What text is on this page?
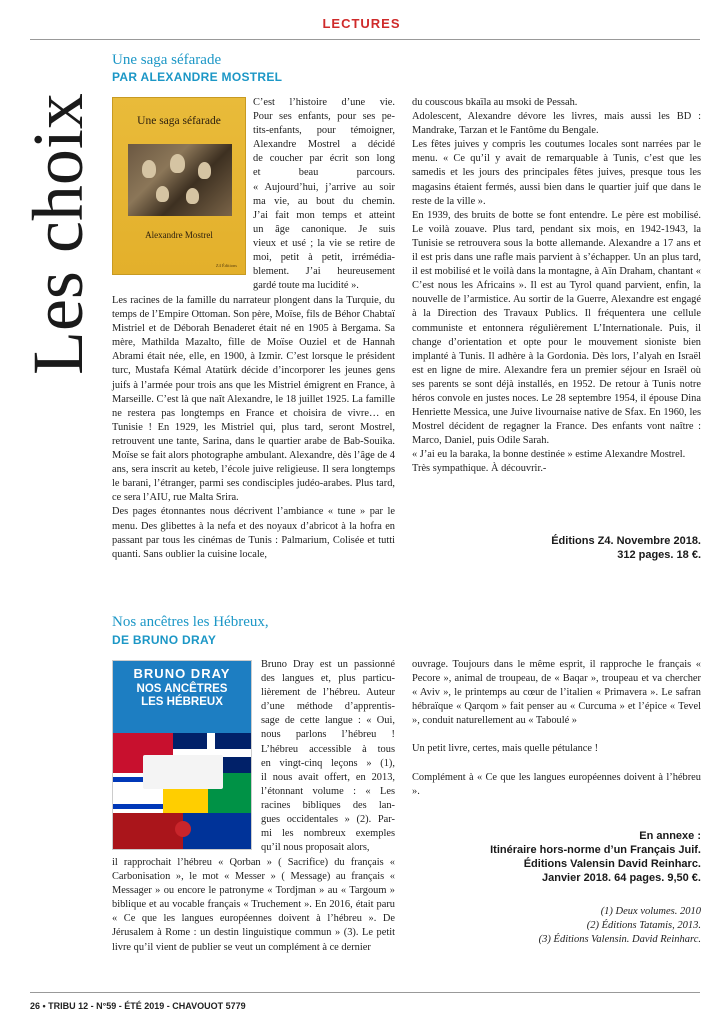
LECTURES
Les choix
Une saga séfarade
PAR ALEXANDRE MOSTREL
Une saga séfarade
Alexandre Mostrel
Z4 Éditions

C’est l’histoire d’une vie.

Pour ses enfants, pour ses pe-

tits-enfants, pour témoigner,

Alexandre Mostrel a décidé

de coucher par écrit son long

et beau parcours.

« Aujourd’hui, j’arrive au soir

ma vie, au bout du chemin.

J’ai fait mon temps et atteint

un âge canonique. Je suis

vieux et usé ; la vie se retire de

moi, petit à petit, irrémédia-

blement. J’ai heureusement

gardé toute ma lucidité ».

Les racines de la famille du narrateur plongent dans la Turquie, du temps de l’Empire Ottoman. Son père, Moïse, fils de Béhor Chabtaï Mistriel et de Déborah Benaderet était né en 1905 à Bergama. Sa mère, Mathilda Mazalto, fille de Moïse Ouziel et de Hannah Abrami était née, elle, en 1900, à Izmir. C’est lorsque le président turc, Mustafa Kémal Atatürk décide d’incorporer les jeunes gens juifs à l’armée pour trois ans que les Mistriel émigrent en France, à Marseille. C’est là que naît Alexandre, le 18 juillet 1925. La famille ne restera pas longtemps en France et choisira de vivre… en Tunisie ! En 1929, les Mistriel qui, plus tard, seront Mostrel, retrouvent une tante, Sarina, dans le quartier arabe de Bab-Souika. Moïse se fait alors photographe ambulant. Alexandre, dès l’âge de 4 ans, sera inscrit au keteb, l’école juive religieuse. Il sera longtemps le barani, l’étranger, parmi ses condisciples judéo-arabes. Plus tard, ce sera l’AIU, rue Malta Srira.

Des pages étonnantes nous décrivent l’ambiance « tune » par le menu. Des glibettes à la nefa et des noyaux d’abricot à la hofra en passant par tous les cinémas de Tunis : Palmarium, Colisée et tutti quanti. Sans oublier la cuisine locale,

du couscous bkaïla au msoki de Pessah.

Adolescent, Alexandre dévore les livres, mais aussi les BD : Mandrake, Tarzan et le Fantôme du Bengale.

Les fêtes juives y compris les coutumes locales sont narrées par le menu. « Ce qu’il y avait de remarquable à Tunis, c’est que les samedis et les jours des principales fêtes juives, presque tous les magasins étaient fermés, aussi bien dans le quartier juif que dans le reste de la ville ».

En 1939, des bruits de botte se font entendre. Le père est mobilisé. Le voilà zouave. Plus tard, pendant six mois, en 1942-1943, la Tunisie se retrouvera sous la botte allemande. Alexandre a 17 ans et il est pris dans une rafle mais parvient à s’échapper. Un an plus tard, il est mobilisé et le voilà dans la montagne, à Aïn Draham, chantant « C’est nous les Africains ». Il est au Tyrol quand parvient, enfin, la nouvelle de l’armistice. Au sortir de la Guerre, Alexandre est engagé à la Direction des Travaux Publics. Il fréquentera une cellule communiste et entonnera régulièrement L’Internationale. Puis, il change d’orientation et opte pour le mouvement sioniste bien implanté à Tunis. Il adhère à la Gordonia. Dès lors, l’alyah en Israël est en ligne de mire. Alexandre fera un premier séjour en Israël où ses parents se sont déjà installés, en 1952. De retour à Tunis notre héros convole en justes noces. Le 28 septembre 1954, il épouse Dina Henriette Messica, une Juive livournaise native de Sfax. En 1960, les Mostrel décident de regagner la France. Des enfants vont naître : Marco, Daniel, puis Odile Sarah.

« J’ai eu la baraka, la bonne destinée » estime Alexandre Mostrel.

Très sympathique. À découvrir.-

Éditions Z4. Novembre 2018.
312 pages. 18 €.
Nos ancêtres les Hébreux,
DE BRUNO DRAY
BRUNO DRAY
NOS ANCÊTRES
LES HÉBREUX

Bruno Dray est un passionné

des langues et, plus particu-

lièrement de l’hébreu. Auteur

d’une méthode d’apprentis-

sage de cette langue : « Oui,

nous parlons l’hébreu !

L’hébreu accessible à tous

en vingt-cinq leçons » (1),

il nous avait offert, en 2013,

l’étonnant volume : « Les

racines bibliques des lan-

gues occidentales » (2). Par-

mi les nombreux exemples

qu’il nous proposait alors,

il rapprochait l’hébreu « Qorban » ( Sacrifice) du français « Carbonisation », le mot « Messer » ( Message) au français « Messager » ou encore le patronyme « Tordjman » au « Targoum » biblique et au vocable français « Truchement ». En 2016, était paru « Ce que les langues européennes doivent à l’hébreu ». De Jérusalem à Rome : un destin linguistique commun » (3). Le petit livre qu’il vient de publier se veut un complément à ce dernier

ouvrage. Toujours dans le même esprit, il rapproche le français « Pecore », animal de troupeau, de « Baqar », troupeau et va chercher « Aviv », le printemps au cœur de l’italien « Primavera ». Le safran hébraïque « Qarqom » fait penser au « Curcuma » et l’épice « Tevel », conduit naturellement au « Taboulé »

Un petit livre, certes, mais quelle pétulance !

Complément à « Ce que les langues européennes doivent à l’hébreu ».

En annexe :
Itinéraire hors-norme d’un Français Juif.
Éditions Valensin David Reinharc.
Janvier 2018. 64 pages. 9,50 €.
(1) Deux volumes. 2010
(2) Éditions Tatamis, 2013.
(3) Éditions Valensin. David Reinharc.
26 • TRIBU 12 - N°59 - ÉTÉ 2019 - CHAVOUOT 5779
